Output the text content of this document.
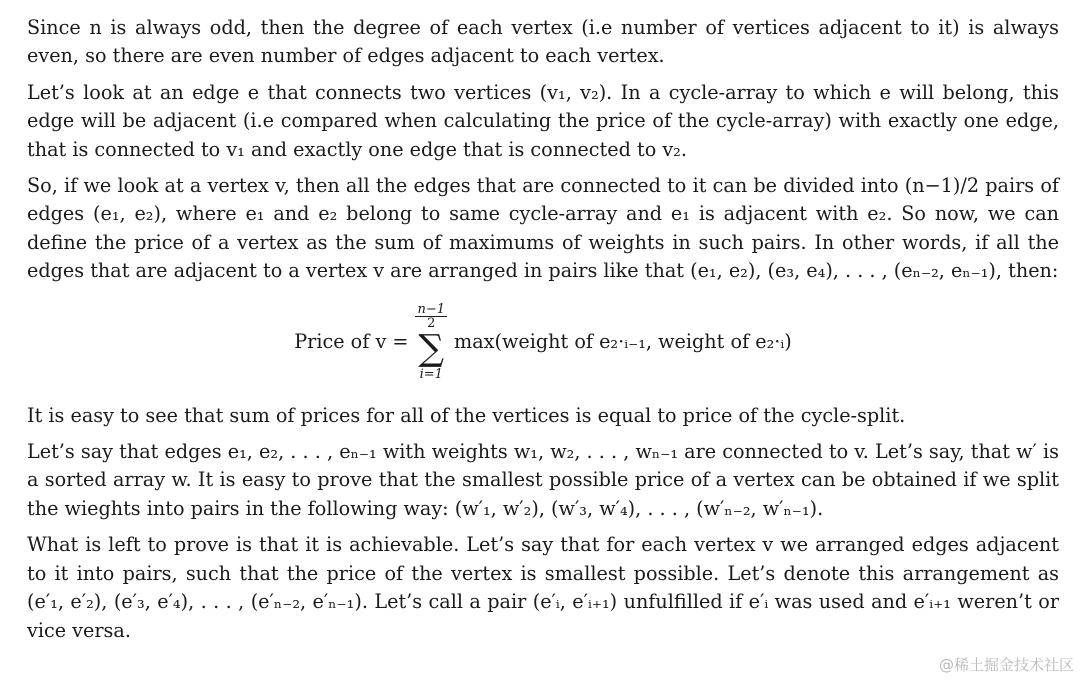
Since n is always odd, then the degree of each vertex (i.e number of vertices adjacent to it) is always even, so there are even number of edges adjacent to each vertex.

Let’s look at an edge e that connects two vertices (v₁, v₂). In a cycle-array to which e will belong, this edge will be adjacent (i.e compared when calculating the price of the cycle-array) with exactly one edge, that is connected to v₁ and exactly one edge that is connected to v₂.

So, if we look at a vertex v, then all the edges that are connected to it can be divided into (n−1)/2 pairs of edges (e₁, e₂), where e₁ and e₂ belong to same cycle-array and e₁ is adjacent with e₂. So now, we can define the price of a vertex as the sum of maximums of weights in such pairs. In other words, if all the edges that are adjacent to a vertex v are arranged in pairs like that (e₁, e₂), (e₃, e₄), . . . , (eₙ₋₂, eₙ₋₁), then:

Price of v =
$\frac{n-1}{2}$
∑
i=1
max(weight of e₂·ᵢ₋₁, weight of e₂·ᵢ)

It is easy to see that sum of prices for all of the vertices is equal to price of the cycle-split.

Let’s say that edges e₁, e₂, . . . , eₙ₋₁ with weights w₁, w₂, . . . , wₙ₋₁ are connected to v. Let’s say, that w′ is a sorted array w. It is easy to prove that the smallest possible price of a vertex can be obtained if we split the wieghts into pairs in the following way: (w′₁, w′₂), (w′₃, w′₄), . . . , (w′ₙ₋₂, w′ₙ₋₁).

What is left to prove is that it is achievable. Let’s say that for each vertex v we arranged edges adjacent to it into pairs, such that the price of the vertex is smallest possible. Let’s denote this arrangement as (e′₁, e′₂), (e′₃, e′₄), . . . , (e′ₙ₋₂, e′ₙ₋₁). Let’s call a pair (e′ᵢ, e′ᵢ₊₁) unfulfilled if e′ᵢ was used and e′ᵢ₊₁ weren’t or vice versa.

@稀土掘金技术社区
